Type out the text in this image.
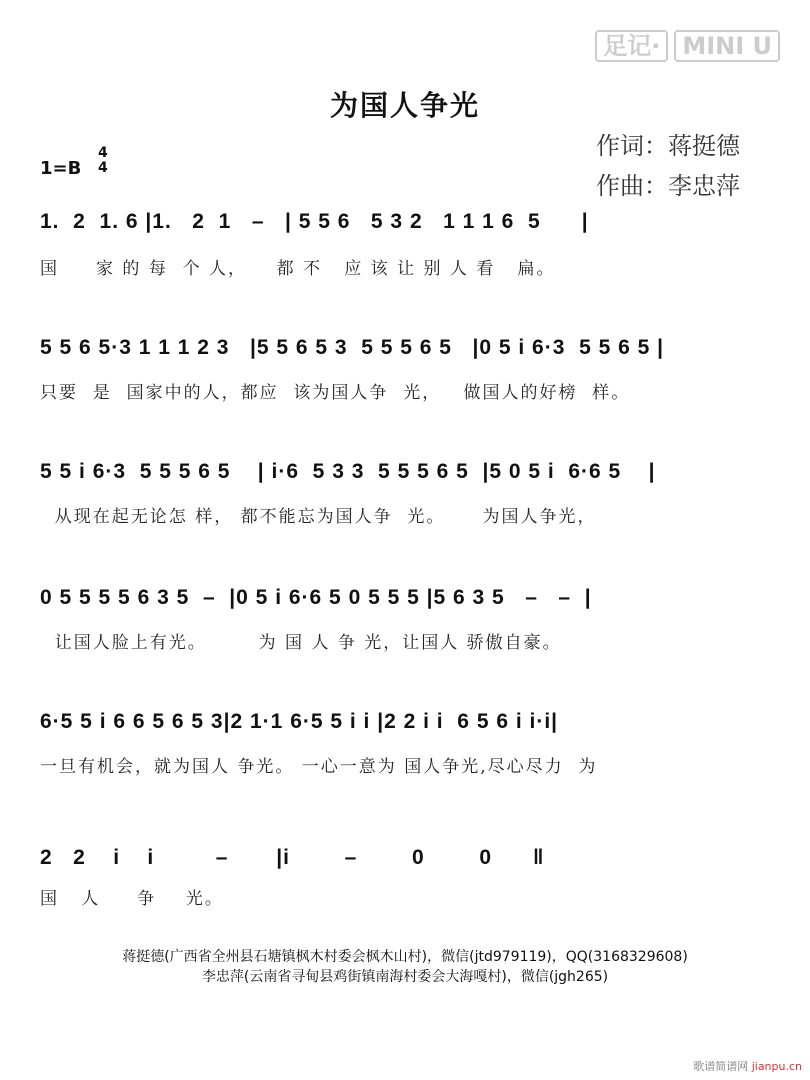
足记· MINI U
为国人争光
作词：蒋挺德
作曲：李忠萍
1=B
4
4
1.  2  1. 6 |1.   2  1   –   | 5 5 6   5 3 2   1 1 1 6  5      |
国     家 的 每  个 人，    都 不   应 该 让 别 人 看   扁。
5 5 6 5·3 1 1 1 2 3   |5 5 6 5 3  5 5 5 6 5   |0 5 i 6·3  5 5 6 5 |
只要  是  国家中的人，都应  该为国人争  光，   做国人的好榜  样。
5 5 i 6·3  5 5 5 6 5    | i·6  5 3 3  5 5 5 6 5  |5 0 5 i  6·6 5    |
从现在起无论怎 样， 都不能忘为国人争  光。     为国人争光，
0 5 5 5 5 6 3 5  –  |0 5 i 6·6 5 0 5 5 5 |5 6 3 5   –   –  |
让国人脸上有光。       为 国 人 争 光，让国人 骄傲自豪。
6·5 5 i 6 6 5 6 5 3|2 1·1 6·5 5 i i |2 2 i i  6 5 6 i i·i|
一旦有机会，就为国人 争光。 一心一意为 国人争光,尽心尽力  为
2   2    i    i         –       |i        –        0        0      ‖
国   人     争    光。
蒋挺德(广西省全州县石塘镇枫木村委会枫木山村)，微信(jtd979119)，QQ(3168329608)
李忠萍(云南省寻甸县鸡街镇南海村委会大海嘎村)，微信(jgh265)
歌谱简谱网 jianpu.cn
